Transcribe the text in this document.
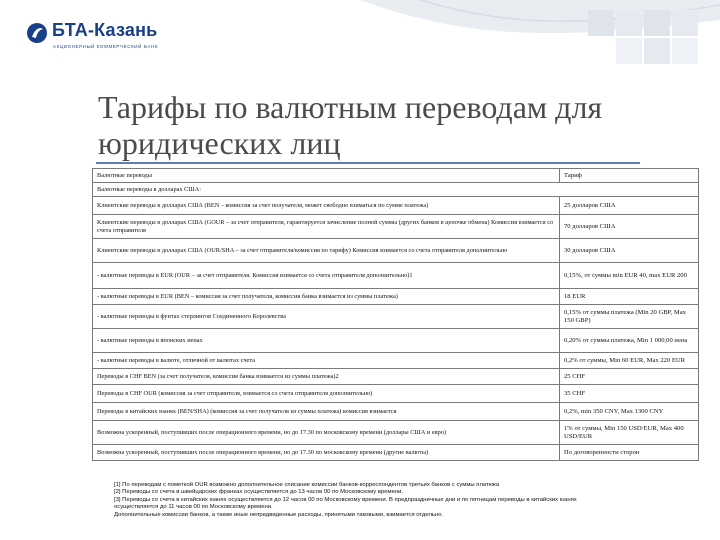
БТА-Казань
АКЦИОНЕРНЫЙ КОММЕРЧЕСКИЙ БАНК
Тарифы по валютным переводам для
юридических лиц
Валютные переводы	Тариф
Валютные переводы в долларах США:	
Клиентские переводы в долларах США (BEN – комиссия за счет получателя, может свободно взиматься по сумме платежа)	25 долларов США
Клиентские переводы в долларах США (GOUR – за счет отправителя, гарантируется зачисление полной суммы (других банков в цепочке обмена) Комиссия взимается со счета отправителя	70 долларов США
Клиентские переводы в долларах США (OUR/SHA – за счет отправителя/комиссия по тарифу) Комиссия взимается со счета отправителя дополнительно	30 долларов США
- валютные переводы в EUR (OUR – за счет отправителя. Комиссия взимается со счета отправителя дополнительно)1	0,15%, от суммы min EUR 40, max EUR 200
- валютные переводы в EUR (BEN – комиссия за счет получателя, комиссия банка взимается из суммы платежа)	18 EUR
- валютные переводы в фунтах стерлингов Соединенного Королевства	0,15% от суммы платежа (Min 20 GBP, Max 150 GBP)
- валютные переводы в японских иенах	0,20% от суммы платежа, Min 1 000,00 иена
- валютные переводы в валюте, отличной от валютах счета	0,2% от суммы, Min 60 EUR, Max 220 EUR
Переводы в CHF BEN (за счет получателя, комиссия банка взимается из суммы платежа)2	25 CHF
Переводы в CHF OUR (комиссия за счет отправителя, взимается со счета отправителя дополнительно)	35 CHF
Переводы в китайских юанях (BEN/SHA) (комиссия за счет получателя из суммы платежа) комиссия взимается	0,2%, min 350 CNY, Max 1300 CNY
Возможна ускоренный, поступивших после операционного времени, но до 17.30 по московскому времени (доллары США и евро)	1% от суммы, Min 150 USD/EUR, Max 400 USD/EUR
Возможна ускоренный, поступивших после операционного времени, но до 17.30 по московскому времени (другие валюты)	По договоренности сторон
[1] По переводам с пометкой OUR возможно дополнительное списание комиссии банков-корреспондентов третьих банков с суммы платежа
[2] Переводы со счета в швейцарских франках осуществляется до 13 часов 00 по Московскому времени.
[3] Переводы со счета в китайских юанях осуществляется до 12 часов 00 по Московскому времени. В предпраздничные дни и по пятницам переводы в китайских юанях
осуществляется до 11 часов 00 по Московскому времени.
Дополнительные комиссии банков, а также иные непредвиденные расходы, принятыми таковыми, взимается отдельно.
